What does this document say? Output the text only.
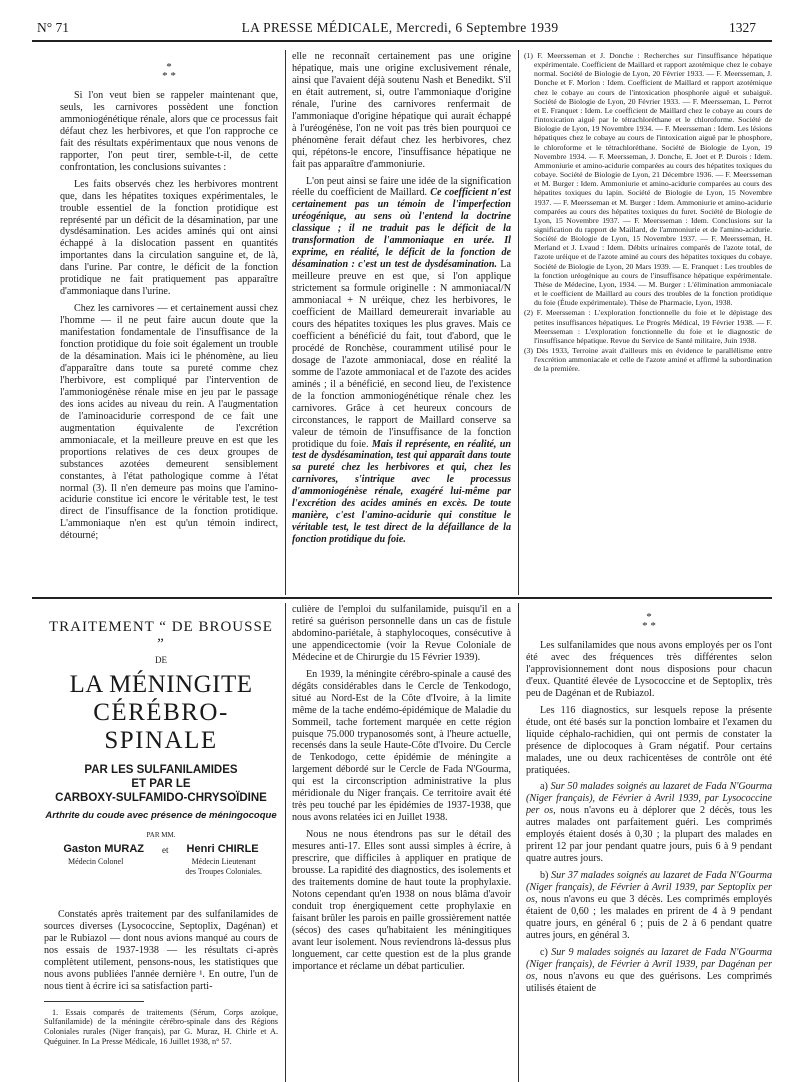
N° 71	LA PRESSE MÉDICALE, Mercredi, 6 Septembre 1939	1327
*
* *

Si l'on veut bien se rappeler maintenant que, seuls, les carnivores possèdent une fonction ammoniogénétique rénale, alors que ce processus fait défaut chez les herbivores, et que l'on rapproche ce fait des résultats expérimentaux que nous venons de rapporter, l'on peut tirer, semble-t-il, de cette confrontation, les conclusions suivantes :

Les faits observés chez les herbivores montrent que, dans les hépatites toxiques expérimentales, le trouble essentiel de la fonction protidique est représenté par un déficit de la désamination, par une dysdésamination. Les acides aminés qui ont ainsi échappé à la dislocation passent en quantités importantes dans la circulation sanguine et, de là, dans l'urine. Par contre, le déficit de la fonction protidique ne fait pratiquement pas apparaître d'ammoniaque dans l'urine.

Chez les carnivores — et certainement aussi chez l'homme — il ne peut faire aucun doute que la manifestation fondamentale de l'insuffisance de la fonction protidique du foie soit également un trouble de la désamination. Mais ici le phénomène, au lieu d'apparaître dans toute sa pureté comme chez l'herbivore, est compliqué par l'intervention de l'ammoniogénèse rénale mise en jeu par le passage des ions acides au niveau du rein. A l'augmentation de l'aminoacidurie correspond de ce fait une augmentation équivalente de l'excrétion ammoniacale, et la meilleure preuve en est que les proportions relatives de ces deux groupes de substances azotées demeurent sensiblement constantes, à l'état pathologique comme à l'état normal (3). Il n'en demeure pas moins que l'amino-acidurie constitue ici encore le véritable test, le test direct de l'insuffisance de la fonction protidique. L'ammoniaque n'en est qu'un témoin indirect, détourné;

elle ne reconnaît certainement pas une origine hépatique, mais une origine exclusivement rénale, ainsi que l'avaient déjà soutenu Nash et Benedikt. S'il en était autrement, si, outre l'ammoniaque d'origine rénale, l'urine des carnivores renfermait de l'ammoniaque d'origine hépatique qui aurait échappé à l'uréogénèse, l'on ne voit pas très bien pourquoi ce phénomène ferait défaut chez les herbivores, chez qui, répétons-le encore, l'insuffisance hépatique ne fait pas apparaître d'ammoniurie.

L'on peut ainsi se faire une idée de la signification réelle du coefficient de Maillard. Ce coefficient n'est certainement pas un témoin de l'imperfection uréogénique, au sens où l'entend la doctrine classique ; il ne traduit pas le déficit de la transformation de l'ammoniaque en urée. Il exprime, en réalité, le déficit de la fonction de désamination : c'est un test de dysdésamination. La meilleure preuve en est que, si l'on applique strictement sa formule originelle : N ammoniacal/N ammoniacal + N uréique, chez les herbivores, le coefficient de Maillard demeurerait invariable au cours des hépatites toxiques les plus graves. Mais ce coefficient a bénéficié du fait, tout d'abord, que le procédé de Ronchèse, couramment utilisé pour le dosage de l'azote ammoniacal, dose en réalité la somme de l'azote ammoniacal et de l'azote des acides aminés ; il a bénéficié, en second lieu, de l'existence de la fonction ammoniogénétique rénale chez les carnivores. Grâce à cet heureux concours de circonstances, le rapport de Maillard conserve sa valeur de témoin de l'insuffisance de la fonction protidique du foie. Mais il représente, en réalité, un test de dysdésamination, test qui apparaît dans toute sa pureté chez les herbivores et qui, chez les carnivores, s'intrique avec le processus d'ammoniogénèse rénale, exagéré lui-même par l'excrétion des acides aminés en excès. De toute manière, c'est l'amino-acidurie qui constitue le véritable test, le test direct de la défaillance de la fonction protidique du foie.

(1) F. Meersseman et J. Donche : Recherches sur l'insuffisance hépatique expérimentale. Coefficient de Maillard et rapport azotémique chez le cobaye normal. Société de Biologie de Lyon, 20 Février 1933. — F. Meersseman, J. Donche et F. Morlon : Idem. Coefficient de Maillard et rapport azotémique chez le cobaye au cours de l'intoxication phosphorée aiguë et subaiguë. Société de Biologie de Lyon, 20 Février 1933. — F. Meersseman, L. Perrot et E. Franquet : Idem. Le coefficient de Maillard chez le cobaye au cours de l'intoxication aiguë par le tétrachloréthane et le chloroforme. Société de Biologie de Lyon, 19 Novembre 1934. — F. Meersseman : Idem. Les lésions hépatiques chez le cobaye au cours de l'intoxication aiguë par le phosphore, le chloroforme et le tétrachloréthane. Société de Biologie de Lyon, 19 Novembre 1934. — F. Meersseman, J. Donche, E. Joet et P. Durois : Idem. Ammoniurie et amino-acidurie comparées au cours des hépatites toxiques du cobaye. Société de Biologie de Lyon, 21 Décembre 1936. — F. Meersseman et M. Burger : Idem. Ammoniurie et amino-acidurie comparées au cours des hépatites toxiques du lapin. Société de Biologie de Lyon, 15 Novembre 1937. — F. Meersseman et M. Burger : Idem. Ammoniurie et amino-acidurie comparées au cours des hépatites toxiques du furet. Société de Biologie de Lyon, 15 Novembre 1937. — F. Meersseman : Idem. Conclusions sur la signification du rapport de Maillard, de l'ammoniurie et de l'amino-acidurie. Société de Biologie de Lyon, 15 Novembre 1937. — F. Meersseman, H. Merland et J. Lvaud : Idem. Débits urinaires comparés de l'azote total, de l'azote uréique et de l'azote aminé au cours des hépatites toxiques du cobaye. Société de Biologie de Lyon, 20 Mars 1939. — E. Franquet : Les troubles de la fonction uréogénique au cours de l'insuffisance hépatique expérimentale. Thèse de Médecine, Lyon, 1934. — M. Burger : L'élimination ammoniacale et le coefficient de Maillard au cours des troubles de la fonction protidique du foie (Étude expérimentale). Thèse de Pharmacie, Lyon, 1938.

(2) F. Meersseman : L'exploration fonctionnelle du foie et le dépistage des petites insuffisances hépatiques. Le Progrès Médical, 19 Février 1938. — F. Meersseman : L'exploration fonctionnelle du foie et le diagnostic de l'insuffisance hépatique. Revue du Service de Santé militaire, Juin 1938.

(3) Dès 1933, Terroine avait d'ailleurs mis en évidence le parallélisme entre l'excrétion ammoniacale et celle de l'azote aminé et affirmé la subordination de la première.

TRAITEMENT “ DE BROUSSE ”
DE
LA MÉNINGITE
CÉRÉBRO-SPINALE
PAR LES SULFANILAMIDES
ET PAR LE
CARBOXY-SULFAMIDO-CHRYSOÏDINE
Arthrite du coude avec présence de méningocoque
PAR MM.
Gaston MURAZ et Henri CHIRLE
Médecin Colonel	Médecin Lieutenant
des Troupes Coloniales.

Constatés après traitement par des sulfanilamides de sources diverses (Lysococcine, Septoplix, Dagénan) et par le Rubiazol — dont nous avions manqué au cours de nos essais de 1937-1938 — les résultats ci-après complètent utilement, pensons-nous, les statistiques que nous avons publiées l'année dernière ¹. En outre, l'un de nous tient à écrire ici sa satisfaction parti-

1. Essais comparés de traitements (Sérum, Corps azoïque, Sulfanilamide) de la méningite cérébro-spinale dans des Régions Coloniales rurales (Niger français), par G. Muraz, H. Chirle et A. Quéguiner. In La Presse Médicale, 16 Juillet 1938, n° 57.

culière de l'emploi du sulfanilamide, puisqu'il en a retiré sa guérison personnelle dans un cas de fistule abdomino-pariétale, à staphylocoques, consécutive à une appendicectomie (voir la Revue Coloniale de Médecine et de Chirurgie du 15 Février 1939).

En 1939, la méningite cérébro-spinale a causé des dégâts considérables dans le Cercle de Tenkodogo, situé au Nord-Est de la Côte d'Ivoire, à la limite même de la tache endémo-épidémique de Maladie du Sommeil, tache fortement marquée en cette région puisque 75.000 trypanosomés sont, à l'heure actuelle, recensés dans la seule Haute-Côte d'Ivoire. Du Cercle de Tenkodogo, cette épidémie de méningite a largement débordé sur le Cercle de Fada N'Gourma, qui est la circonscription administrative la plus méridionale du Niger français. Ce territoire avait été très peu touché par les épidémies de 1937-1938, que nous avons relatées ici en Juillet 1938.

Nous ne nous étendrons pas sur le détail des mesures anti-17. Elles sont aussi simples à écrire, à prescrire, que difficiles à appliquer en pratique de brousse. La rapidité des diagnostics, des isolements et des traitements domine de haut toute la prophylaxie. Notons cependant qu'en 1938 on nous blâma d'avoir conduit trop énergiquement cette prophylaxie en faisant brûler les parois en paille grossièrement nattée (sécos) des cases qu'habitaient les méningitiques avant leur isolement. Nous reviendrons là-dessus plus longuement, car cette question est de la plus grande importance et réclame un débat particulier.

*
* *

Les sulfanilamides que nous avons employés per os l'ont été avec des fréquences très différentes selon l'approvisionnement dont nous disposions pour chacun d'eux. Quantité élevée de Lysococcine et de Septoplix, très peu de Dagénan et de Rubiazol.

Les 116 diagnostics, sur lesquels repose la présente étude, ont été basés sur la ponction lombaire et l'examen du liquide céphalo-rachidien, qui ont permis de constater la présence de diplocoques à Gram négatif. Pour certains malades, une ou deux rachicentèses de contrôle ont été pratiquées.

a) Sur 50 malades soignés au lazaret de Fada N'Gourma (Niger français), de Février à Avril 1939, par Lysococcine per os, nous n'avons eu à déplorer que 2 décès, tous les autres malades ont parfaitement guéri. Les comprimés employés étaient dosés à 0,30 ; la plupart des malades en prirent 12 par jour pendant quatre jours, puis 6 à 9 pendant quatre autres jours.

b) Sur 37 malades soignés au lazaret de Fada N'Gourma (Niger français), de Février à Avril 1939, par Septoplix per os, nous n'avons eu que 3 décès. Les comprimés employés étaient de 0,60 ; les malades en prirent de 4 à 9 pendant quatre jours, en général 6 ; puis de 2 à 6 pendant quatre autres jours, en général 3.

c) Sur 9 malades soignés au lazaret de Fada N'Gourma (Niger français), de Février à Avril 1939, par Dagénan per os, nous n'avons eu que des guérisons. Les comprimés utilisés étaient de
